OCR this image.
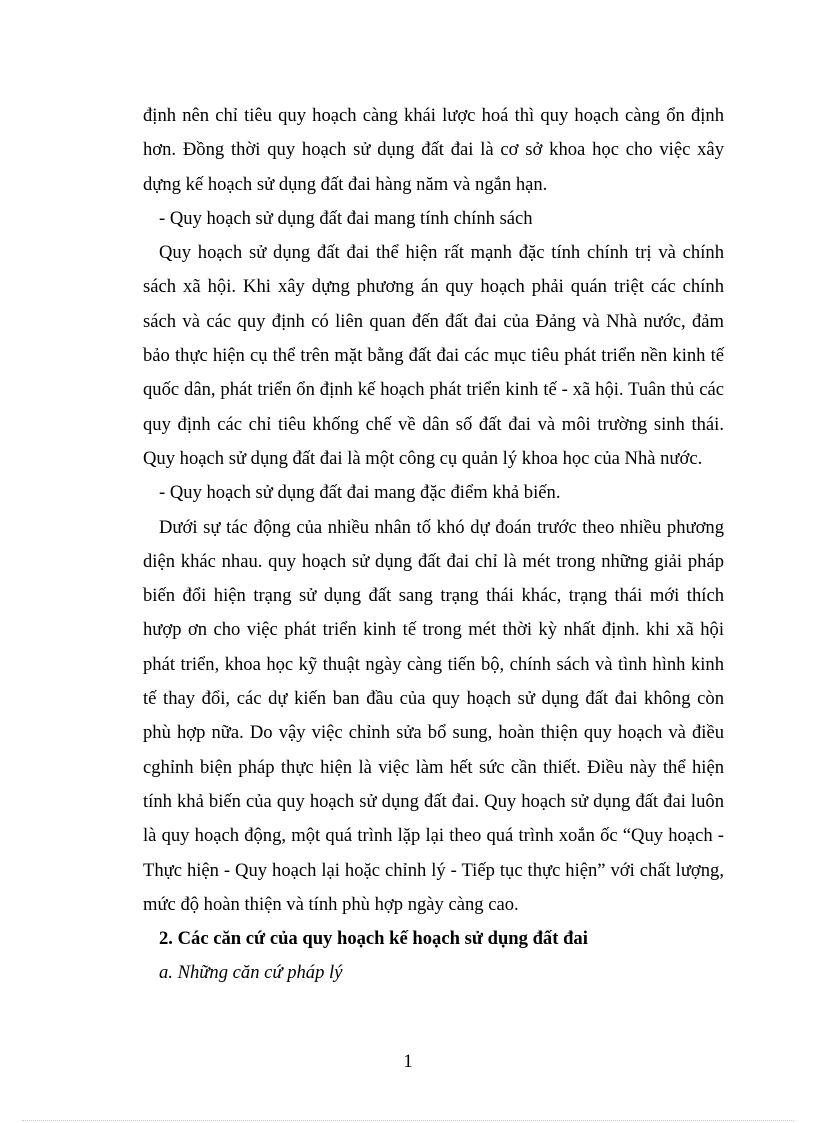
định nên chỉ tiêu quy hoạch càng khái lược hoá thì quy hoạch càng ổn định hơn. Đồng thời quy hoạch sử dụng đất đai là cơ sở khoa học cho việc xây dựng kế hoạch sử dụng đất đai hàng năm và ngắn hạn.

- Quy hoạch sử dụng đất đai mang tính chính sách

Quy hoạch sử dụng đất đai thể hiện rất mạnh đặc tính chính trị và chính sách xã hội. Khi xây dựng phương án quy hoạch phải quán triệt các chính sách và các quy định có liên quan đến đất đai của Đảng và Nhà nước, đảm bảo thực hiện cụ thể trên mặt bằng đất đai các mục tiêu phát triển nền kinh tế quốc dân, phát triển ổn định kế hoạch phát triển kinh tế - xã hội. Tuân thủ các quy định các chỉ tiêu khống chế về dân số đất đai và môi trường sinh thái. Quy hoạch sử dụng đất đai là một công cụ quản lý khoa học của Nhà nước.

- Quy hoạch sử dụng đất đai mang đặc điểm khả biến.

Dưới sự tác động của nhiều nhân tố khó dự đoán trước theo nhiều phương diện khác nhau. quy hoạch sử dụng đất đai chỉ là mét trong những giải pháp biến đổi hiện trạng sử dụng đất sang trạng thái khác, trạng thái mới thích hượp ơn cho việc phát triển kinh tế trong mét thời kỳ nhất định. khi xã hội phát triển, khoa học kỹ thuật ngày càng tiến bộ, chính sách và tình hình kinh tế thay đổi, các dự kiến ban đầu của quy hoạch sử dụng đất đai không còn phù hợp nữa. Do vậy việc chỉnh sửa bổ sung, hoàn thiện quy hoạch và điều cghỉnh biện pháp thực hiện là việc làm hết sức cần thiết. Điều này thể hiện tính khả biến của quy hoạch sử dụng đất đai. Quy hoạch sử dụng đất đai luôn là quy hoạch động, một quá trình lặp lại theo quá trình xoắn ốc “Quy hoạch - Thực hiện - Quy hoạch lại hoặc chỉnh lý - Tiếp tục thực hiện” với chất lượng, mức độ hoàn thiện và tính phù hợp ngày càng cao.

2. Các căn cứ của quy hoạch kế hoạch sử dụng đất đai

a. Những căn cứ pháp lý

1
